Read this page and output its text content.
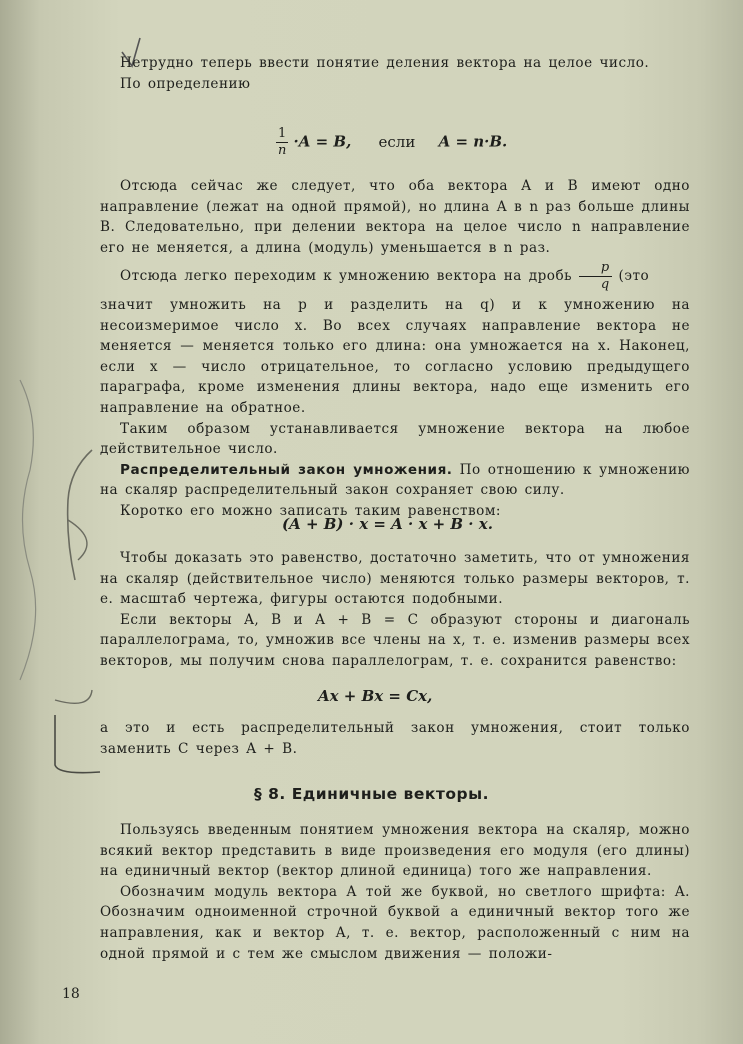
Нетрудно теперь ввести понятие деления вектора на целое число.

По определению

$\frac{1}{n} \cdot A = B$, если A = n·B.

Отсюда сейчас же следует, что оба вектора A и B имеют одно направление (лежат на одной прямой), но длина A в n раз больше длины B. Следовательно, при делении вектора на целое число n направление его не меняется, а длина (модуль) уменьшается в n раз.

Отсюда легко переходим к умножению вектора на дробь $\frac{p}{q} (это$

значит умножить на p и разделить на q) и к умножению на несоизмеримое число x. Во всех случаях направление вектора не меняется — меняется только его длина: она умножается на x. Наконец, если x — число отрицательное, то согласно условию предыдущего параграфа, кроме изменения длины вектора, надо еще изменить его направление на обратное.

Таким образом устанавливается умножение вектора на любое действительное число.

Распределительный закон умножения. По отношению к умножению на скаляр распределительный закон сохраняет свою силу.

Коротко его можно записать таким равенством:

(A + B) · x = A · x + B · x.

Чтобы доказать это равенство, достаточно заметить, что от умножения на скаляр (действительное число) меняются только размеры векторов, т. е. масштаб чертежа, фигуры остаются подобными.

Если векторы A, B и A + B = C образуют стороны и диагональ параллелограма, то, умножив все члены на x, т. е. изменив размеры всех векторов, мы получим снова параллелограм, т. е. сохранится равенство:

Ax + Bx = Cx,

а это и есть распределительный закон умножения, стоит только заменить C через A + B.

§ 8. Единичные векторы.

Пользуясь введенным понятием умножения вектора на скаляр, можно всякий вектор представить в виде произведения его модуля (его длины) на единичный вектор (вектор длиной единица) того же направления.

Обозначим модуль вектора A той же буквой, но светлого шрифта: A. Обозначим одноименной строчной буквой a единичный вектор того же направления, как и вектор A, т. е. вектор, расположенный с ним на одной прямой и с тем же смыслом движения — положи-

18
